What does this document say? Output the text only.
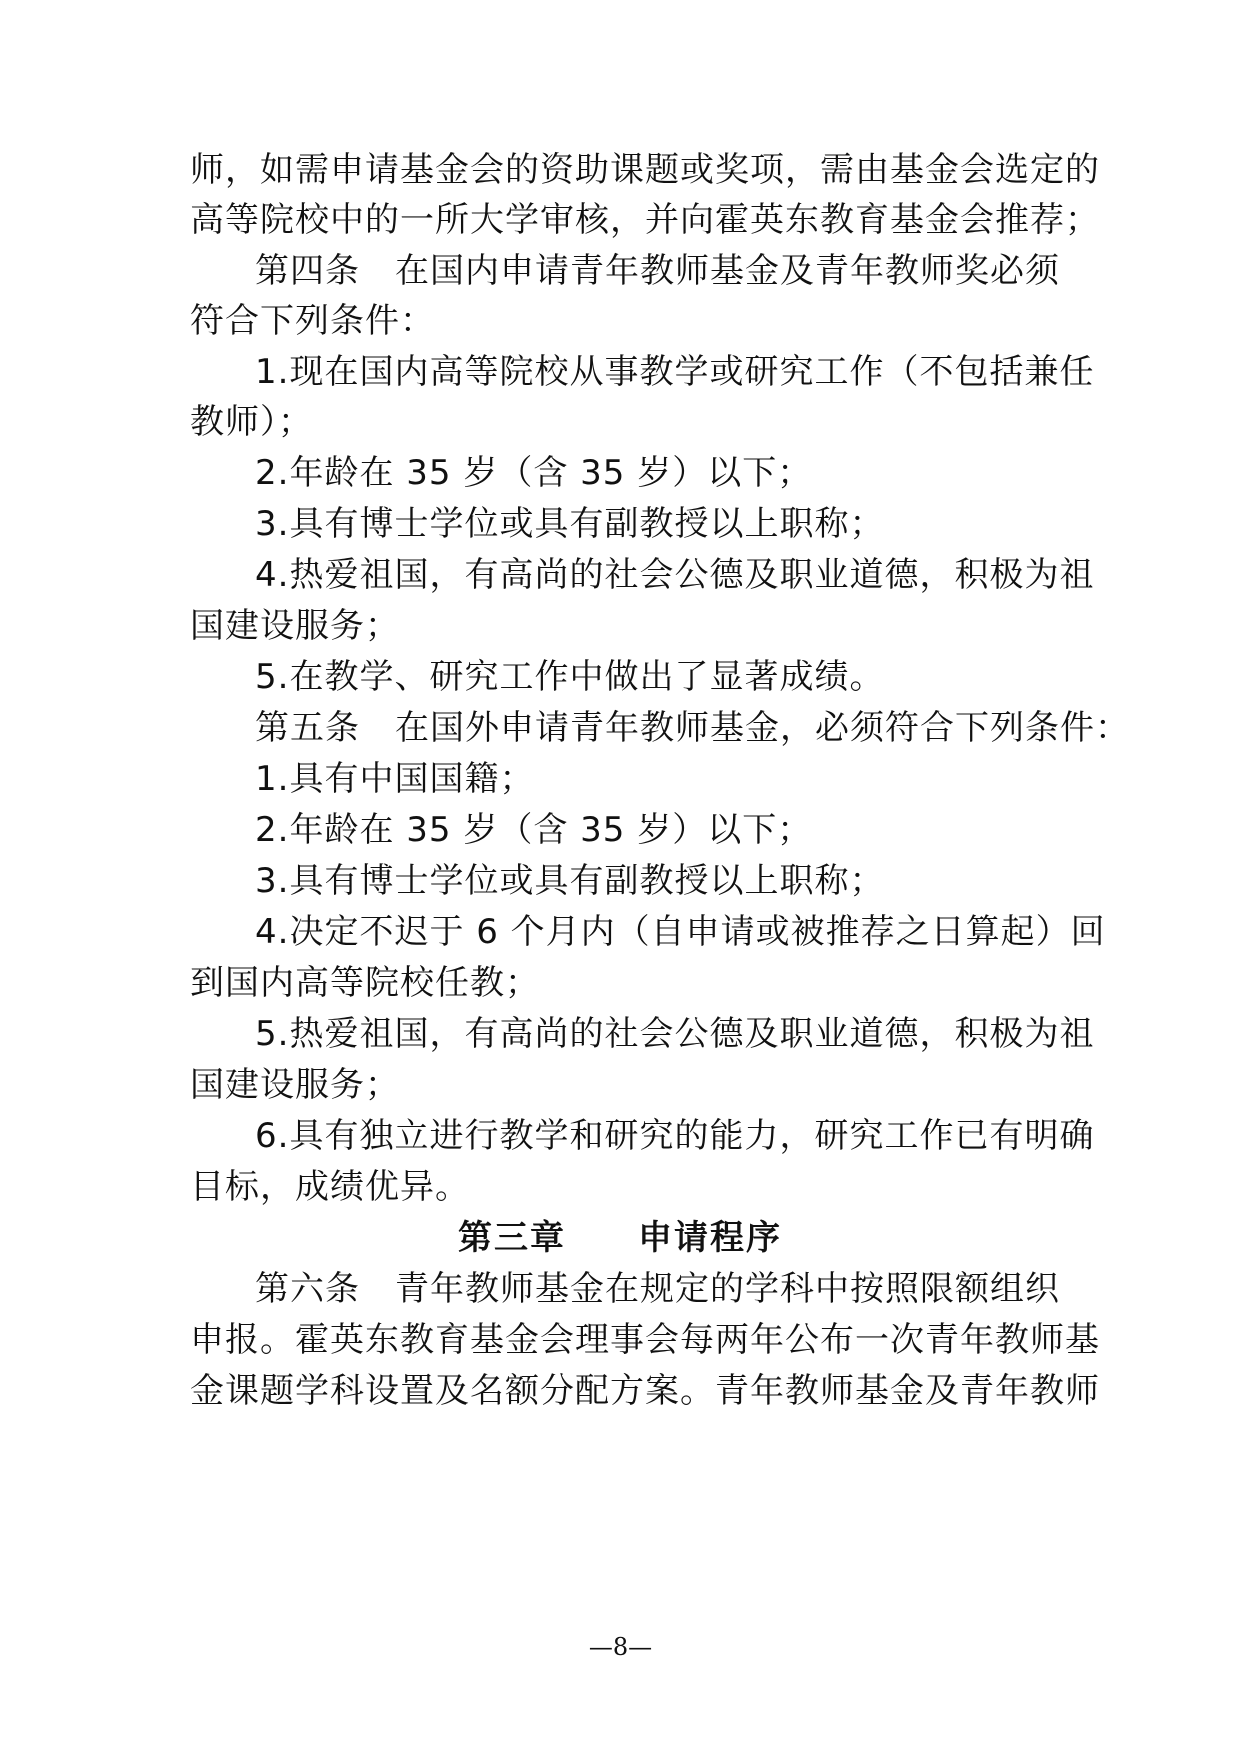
师，如需申请基金会的资助课题或奖项，需由基金会选定的
高等院校中的一所大学审核，并向霍英东教育基金会推荐；
第四条　在国内申请青年教师基金及青年教师奖必须
符合下列条件：
1.现在国内高等院校从事教学或研究工作（不包括兼任
教师）；
2.年龄在 35 岁（含 35 岁）以下；
3.具有博士学位或具有副教授以上职称；
4.热爱祖国，有高尚的社会公德及职业道德，积极为祖
国建设服务；
5.在教学、研究工作中做出了显著成绩。
第五条　在国外申请青年教师基金，必须符合下列条件：
1.具有中国国籍；
2.年龄在 35 岁（含 35 岁）以下；
3.具有博士学位或具有副教授以上职称；
4.决定不迟于 6 个月内（自申请或被推荐之日算起）回
到国内高等院校任教；
5.热爱祖国，有高尚的社会公德及职业道德，积极为祖
国建设服务；
6.具有独立进行教学和研究的能力，研究工作已有明确
目标，成绩优异。
第三章　　申请程序
第六条　青年教师基金在规定的学科中按照限额组织
申报。霍英东教育基金会理事会每两年公布一次青年教师基
金课题学科设置及名额分配方案。青年教师基金及青年教师
—8—
